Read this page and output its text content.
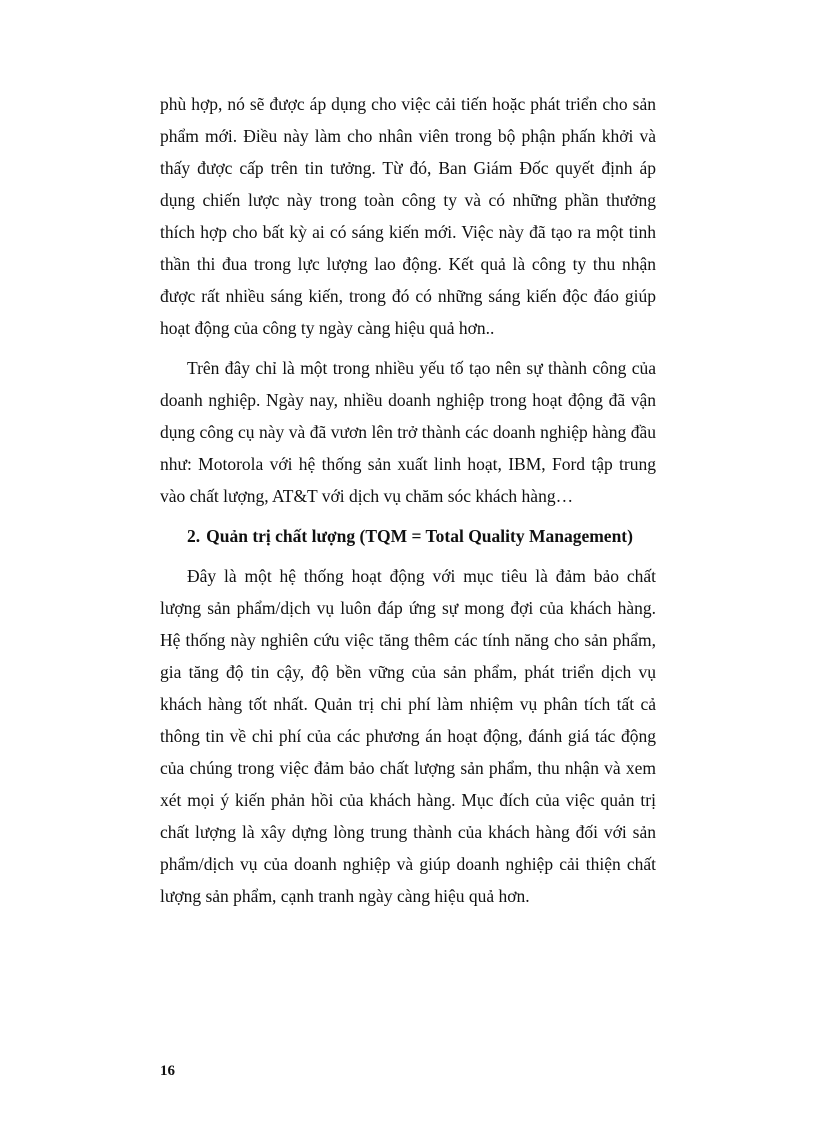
phù hợp, nó sẽ được áp dụng cho việc cải tiến hoặc phát triển cho sản phẩm mới. Điều này làm cho nhân viên trong bộ phận phấn khởi và thấy được cấp trên tin tưởng. Từ đó, Ban Giám Đốc quyết định áp dụng chiến lược này trong toàn công ty và có những phần thưởng thích hợp cho bất kỳ ai có sáng kiến mới. Việc này đã tạo ra một tinh thần thi đua trong lực lượng lao động. Kết quả là công ty thu nhận được rất nhiều sáng kiến, trong đó có những sáng kiến độc đáo giúp hoạt động của công ty ngày càng hiệu quả hơn..

Trên đây chỉ là một trong nhiều yếu tố tạo nên sự thành công của doanh nghiệp. Ngày nay, nhiều doanh nghiệp trong hoạt động đã vận dụng công cụ này và đã vươn lên trở thành các doanh nghiệp hàng đầu như: Motorola với hệ thống sản xuất linh hoạt, IBM, Ford tập trung vào chất lượng, AT&T với dịch vụ chăm sóc khách hàng…

2. Quản trị chất lượng (TQM = Total Quality Management)

Đây là một hệ thống hoạt động với mục tiêu là đảm bảo chất lượng sản phẩm/dịch vụ luôn đáp ứng sự mong đợi của khách hàng. Hệ thống này nghiên cứu việc tăng thêm các tính năng cho sản phẩm, gia tăng độ tin cậy, độ bền vững của sản phẩm, phát triển dịch vụ khách hàng tốt nhất. Quản trị chi phí làm nhiệm vụ phân tích tất cả thông tin về chi phí của các phương án hoạt động, đánh giá tác động của chúng trong việc đảm bảo chất lượng sản phẩm, thu nhận và xem xét mọi ý kiến phản hồi của khách hàng. Mục đích của việc quản trị chất lượng là xây dựng lòng trung thành của khách hàng đối với sản phẩm/dịch vụ của doanh nghiệp và giúp doanh nghiệp cải thiện chất lượng sản phẩm, cạnh tranh ngày càng hiệu quả hơn.

16
